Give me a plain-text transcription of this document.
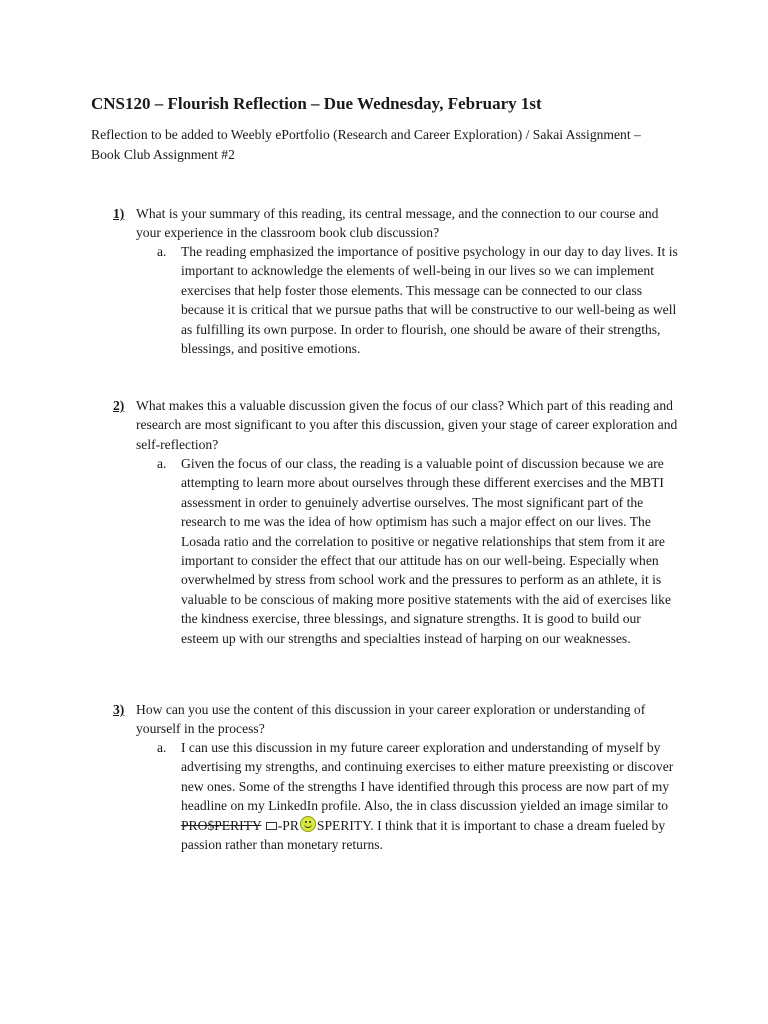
CNS120 – Flourish Reflection – Due Wednesday, February 1st
Reflection to be added to Weebly ePortfolio (Research and Career Exploration) / Sakai Assignment – Book Club Assignment #2
1) What is your summary of this reading, its central message, and the connection to our course and your experience in the classroom book club discussion?
a. The reading emphasized the importance of positive psychology in our day to day lives. It is important to acknowledge the elements of well-being in our lives so we can implement exercises that help foster those elements. This message can be connected to our class because it is critical that we pursue paths that will be constructive to our well-being as well as fulfilling its own purpose. In order to flourish, one should be aware of their strengths, blessings, and positive emotions.
2) What makes this a valuable discussion given the focus of our class? Which part of this reading and research are most significant to you after this discussion, given your stage of career exploration and self-reflection?
a. Given the focus of our class, the reading is a valuable point of discussion because we are attempting to learn more about ourselves through these different exercises and the MBTI assessment in order to genuinely advertise ourselves. The most significant part of the research to me was the idea of how optimism has such a major effect on our lives. The Losada ratio and the correlation to positive or negative relationships that stem from it are important to consider the effect that our attitude has on our well-being. Especially when overwhelmed by stress from school work and the pressures to perform as an athlete, it is valuable to be conscious of making more positive statements with the aid of exercises like the kindness exercise, three blessings, and signature strengths. It is good to build our esteem up with our strengths and specialties instead of harping on our weaknesses.
3) How can you use the content of this discussion in your career exploration or understanding of yourself in the process?
a. I can use this discussion in my future career exploration and understanding of myself by advertising my strengths, and continuing exercises to either mature preexisting or discover new ones. Some of the strengths I have identified through this process are now part of my headline on my LinkedIn profile. Also, the in class discussion yielded an image similar to PRO$PERITY -PR SPERITY. I think that it is important to chase a dream fueled by passion rather than monetary returns.
